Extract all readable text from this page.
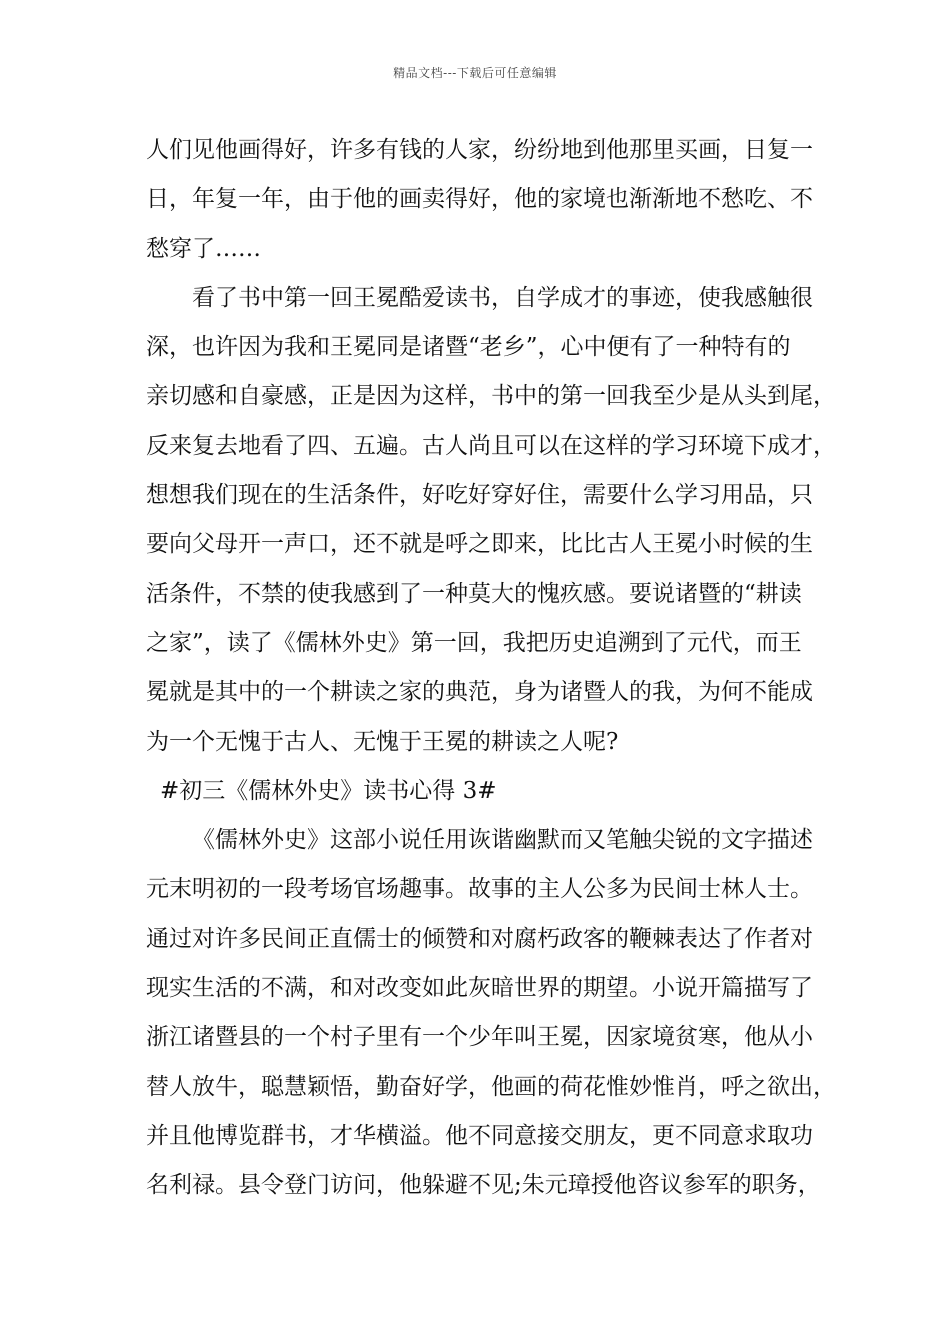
精品文档---下载后可任意编辑
人们见他画得好，许多有钱的人家，纷纷地到他那里买画，日复一
日，年复一年，由于他的画卖得好，他的家境也渐渐地不愁吃、不
愁穿了……
看了书中第一回王冕酷爱读书，自学成才的事迹，使我感触很
深，也许因为我和王冕同是诸暨“老乡”，心中便有了一种特有的
亲切感和自豪感，正是因为这样，书中的第一回我至少是从头到尾，
反来复去地看了四、五遍。古人尚且可以在这样的学习环境下成才，
想想我们现在的生活条件，好吃好穿好住，需要什么学习用品，只
要向父母开一声口，还不就是呼之即来，比比古人王冕小时候的生
活条件，不禁的使我感到了一种莫大的愧疚感。要说诸暨的“耕读
之家”，读了《儒林外史》第一回，我把历史追溯到了元代，而王
冕就是其中的一个耕读之家的典范，身为诸暨人的我，为何不能成
为一个无愧于古人、无愧于王冕的耕读之人呢?
#初三《儒林外史》读书心得 3#
《儒林外史》这部小说任用诙谐幽默而又笔触尖锐的文字描述
元末明初的一段考场官场趣事。故事的主人公多为民间士林人士。
通过对许多民间正直儒士的倾赞和对腐朽政客的鞭棘表达了作者对
现实生活的不满，和对改变如此灰暗世界的期望。小说开篇描写了
浙江诸暨县的一个村子里有一个少年叫王冕，因家境贫寒，他从小
替人放牛，聪慧颖悟，勤奋好学，他画的荷花惟妙惟肖，呼之欲出，
并且他博览群书，才华横溢。他不同意接交朋友，更不同意求取功
名利禄。县令登门访问，他躲避不见;朱元璋授他咨议参军的职务，
